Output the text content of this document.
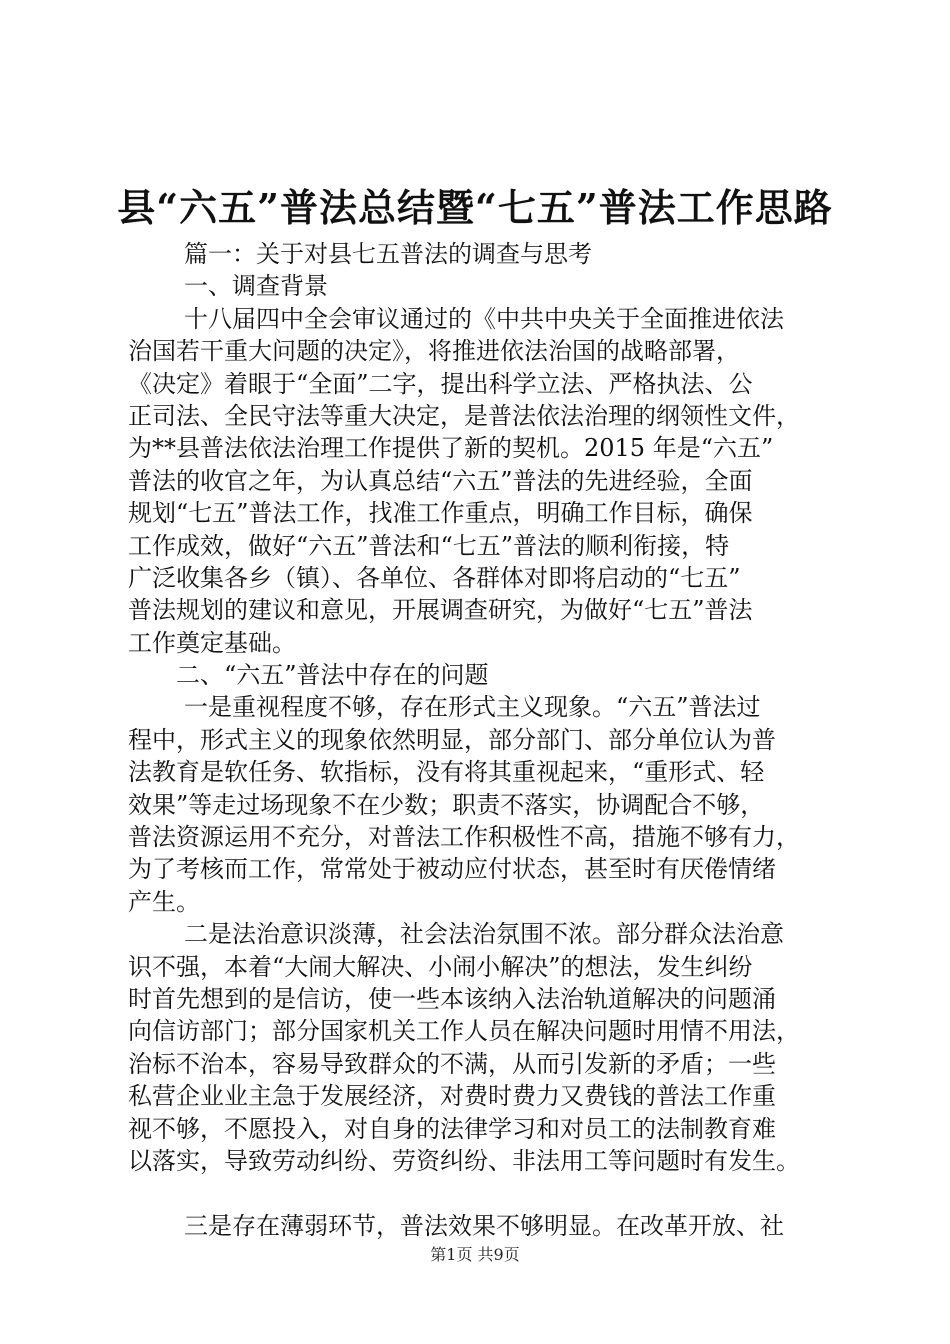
县“六五”普法总结暨“七五”普法工作思路
篇一：关于对县七五普法的调查与思考
一、调查背景
十八届四中全会审议通过的《中共中央关于全面推进依法
治国若干重大问题的决定》，将推进依法治国的战略部署，
《决定》着眼于“全面”二字，提出科学立法、严格执法、公
正司法、全民守法等重大决定，是普法依法治理的纲领性文件，
为**县普法依法治理工作提供了新的契机。2015 年是“六五”
普法的收官之年，为认真总结“六五”普法的先进经验，全面
规划“七五”普法工作，找准工作重点，明确工作目标，确保
工作成效，做好“六五”普法和“七五”普法的顺利衔接，特
广泛收集各乡（镇）、各单位、各群体对即将启动的“七五”
普法规划的建议和意见，开展调查研究，为做好“七五”普法
工作奠定基础。
二、“六五”普法中存在的问题
一是重视程度不够，存在形式主义现象。“六五”普法过
程中，形式主义的现象依然明显，部分部门、部分单位认为普
法教育是软任务、软指标，没有将其重视起来，“重形式、轻
效果”等走过场现象不在少数；职责不落实，协调配合不够，
普法资源运用不充分，对普法工作积极性不高，措施不够有力，
为了考核而工作，常常处于被动应付状态，甚至时有厌倦情绪
产生。
二是法治意识淡薄，社会法治氛围不浓。部分群众法治意
识不强，本着“大闹大解决、小闹小解决”的想法，发生纠纷
时首先想到的是信访，使一些本该纳入法治轨道解决的问题涌
向信访部门；部分国家机关工作人员在解决问题时用情不用法，
治标不治本，容易导致群众的不满，从而引发新的矛盾；一些
私营企业业主急于发展经济，对费时费力又费钱的普法工作重
视不够，不愿投入，对自身的法律学习和对员工的法制教育难
以落实，导致劳动纠纷、劳资纠纷、非法用工等问题时有发生。
三是存在薄弱环节，普法效果不够明显。在改革开放、社
第1页 共9页
